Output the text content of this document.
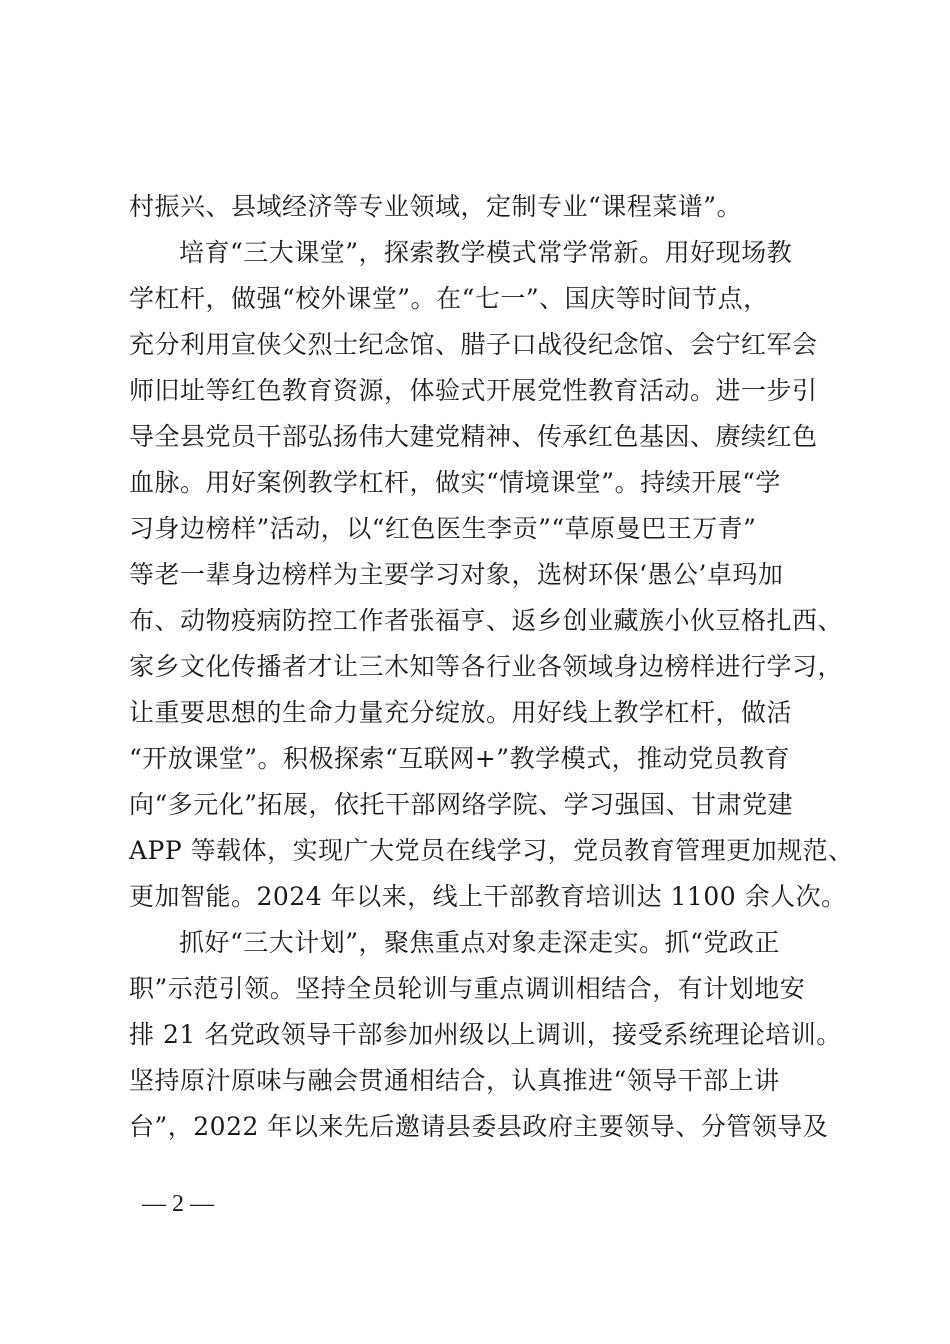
村振兴、县域经济等专业领域，定制专业“课程菜谱”。
培育“三大课堂”，探索教学模式常学常新。用好现场教
学杠杆，做强“校外课堂”。在“七一”、国庆等时间节点，
充分利用宣侠父烈士纪念馆、腊子口战役纪念馆、会宁红军会
师旧址等红色教育资源，体验式开展党性教育活动。进一步引
导全县党员干部弘扬伟大建党精神、传承红色基因、赓续红色
血脉。用好案例教学杠杆，做实“情境课堂”。持续开展“学
习身边榜样”活动，以“红色医生李贡”“草原曼巴王万青”
等老一辈身边榜样为主要学习对象，选树环保‘愚公’卓玛加
布、动物疫病防控工作者张福亨、返乡创业藏族小伙豆格扎西、
家乡文化传播者才让三木知等各行业各领域身边榜样进行学习，
让重要思想的生命力量充分绽放。用好线上教学杠杆，做活
“开放课堂”。积极探索“互联网+”教学模式，推动党员教育
向“多元化”拓展，依托干部网络学院、学习强国、甘肃党建
APP 等载体，实现广大党员在线学习，党员教育管理更加规范、
更加智能。2024 年以来，线上干部教育培训达 1100 余人次。
抓好“三大计划”，聚焦重点对象走深走实。抓“党政正
职”示范引领。坚持全员轮训与重点调训相结合，有计划地安
排 21 名党政领导干部参加州级以上调训，接受系统理论培训。
坚持原汁原味与融会贯通相结合，认真推进“领导干部上讲
台”，2022 年以来先后邀请县委县政府主要领导、分管领导及
— 2 —
